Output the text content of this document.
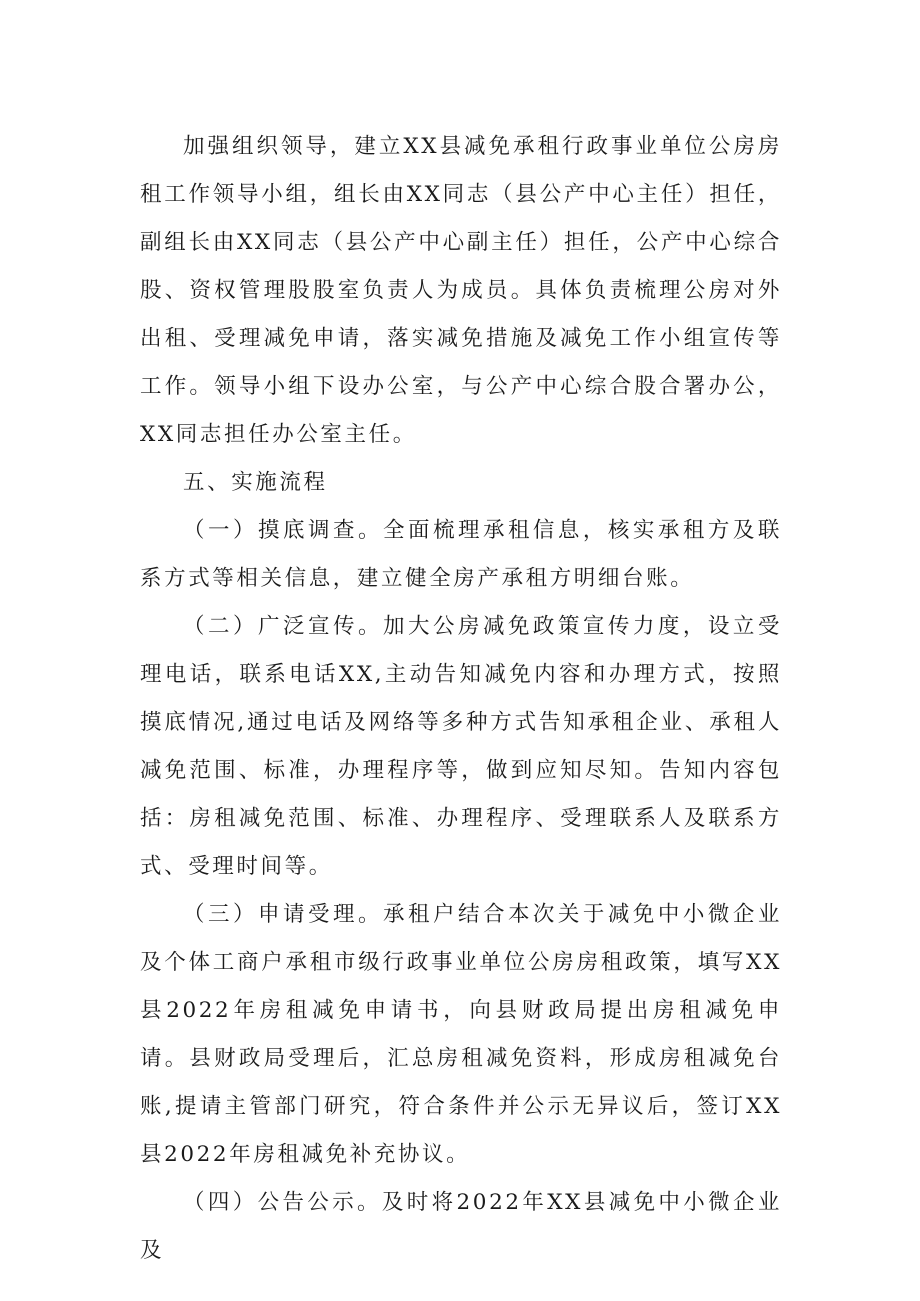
加强组织领导，建立XX县减免承租行政事业单位公房房租工作领导小组，组长由XX同志（县公产中心主任）担任，副组长由XX同志（县公产中心副主任）担任，公产中心综合股、资权管理股股室负责人为成员。具体负责梳理公房对外出租、受理减免申请，落实减免措施及减免工作小组宣传等工作。领导小组下设办公室，与公产中心综合股合署办公，XX同志担任办公室主任。

五、实施流程

（一）摸底调查。全面梳理承租信息，核实承租方及联系方式等相关信息，建立健全房产承租方明细台账。

（二）广泛宣传。加大公房减免政策宣传力度，设立受理电话，联系电话XX,主动告知减免内容和办理方式，按照摸底情况,通过电话及网络等多种方式告知承租企业、承租人减免范围、标准，办理程序等，做到应知尽知。告知内容包括：房租减免范围、标准、办理程序、受理联系人及联系方式、受理时间等。

（三）申请受理。承租户结合本次关于减免中小微企业及个体工商户承租市级行政事业单位公房房租政策，填写XX县2022年房租减免申请书，向县财政局提出房租减免申请。县财政局受理后，汇总房租减免资料，形成房租减免台账,提请主管部门研究，符合条件并公示无异议后，签订XX县2022年房租减免补充协议。

（四）公告公示。及时将2022年XX县减免中小微企业及
